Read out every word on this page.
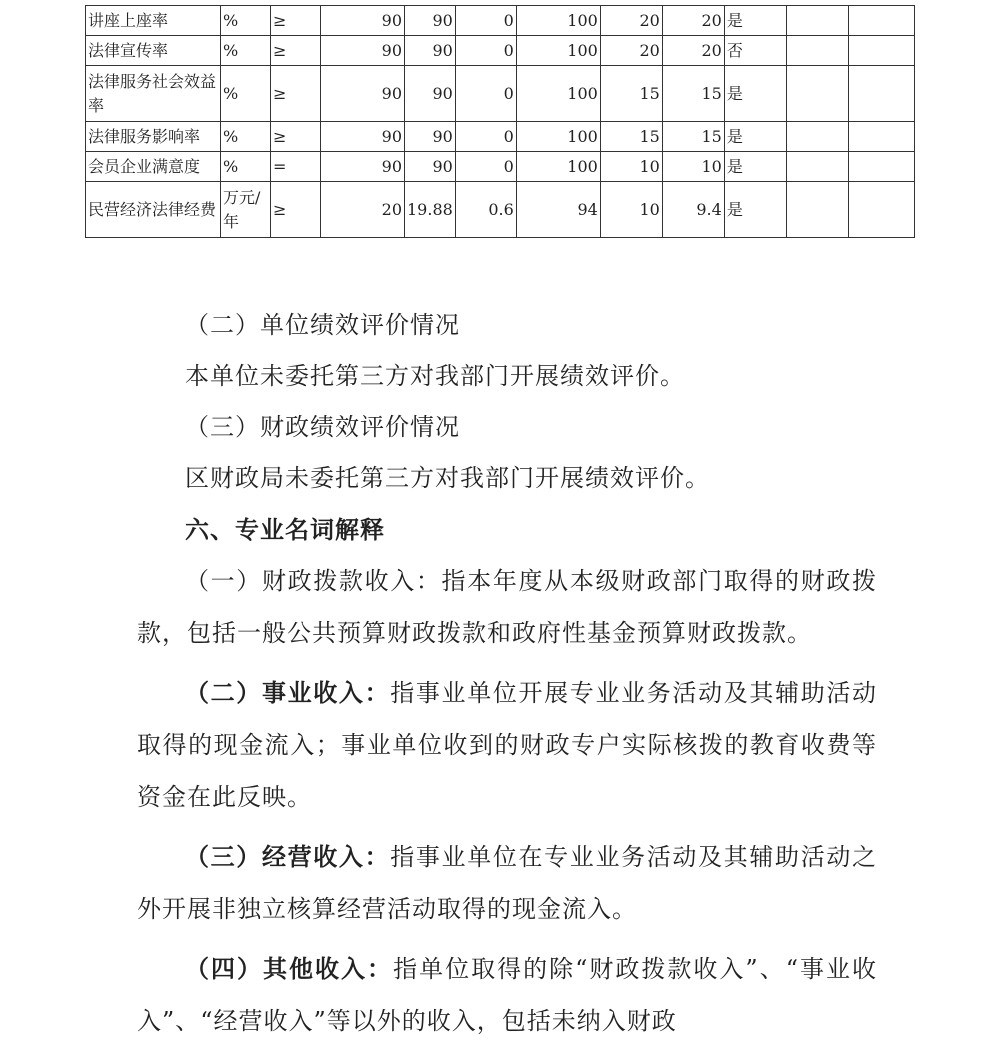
讲座上座率	%	≥	90	90	0	100	20	20	是		
法律宣传率	%	≥	90	90	0	100	20	20	否		
法律服务社会效益率	%	≥	90	90	0	100	15	15	是		
法律服务影响率	%	≥	90	90	0	100	15	15	是		
会员企业满意度	%	=	90	90	0	100	10	10	是		
民营经济法律经费	万元/年	≥	20	19.88	0.6	94	10	9.4	是		

（二）单位绩效评价情况

本单位未委托第三方对我部门开展绩效评价。

（三）财政绩效评价情况

区财政局未委托第三方对我部门开展绩效评价。

六、专业名词解释

（一）财政拨款收入：指本年度从本级财政部门取得的财政拨款，包括一般公共预算财政拨款和政府性基金预算财政拨款。

（二）事业收入：指事业单位开展专业业务活动及其辅助活动取得的现金流入；事业单位收到的财政专户实际核拨的教育收费等资金在此反映。

（三）经营收入：指事业单位在专业业务活动及其辅助活动之外开展非独立核算经营活动取得的现金流入。

（四）其他收入：指单位取得的除“财政拨款收入”、“事业收入”、“经营收入”等以外的收入，包括未纳入财政
